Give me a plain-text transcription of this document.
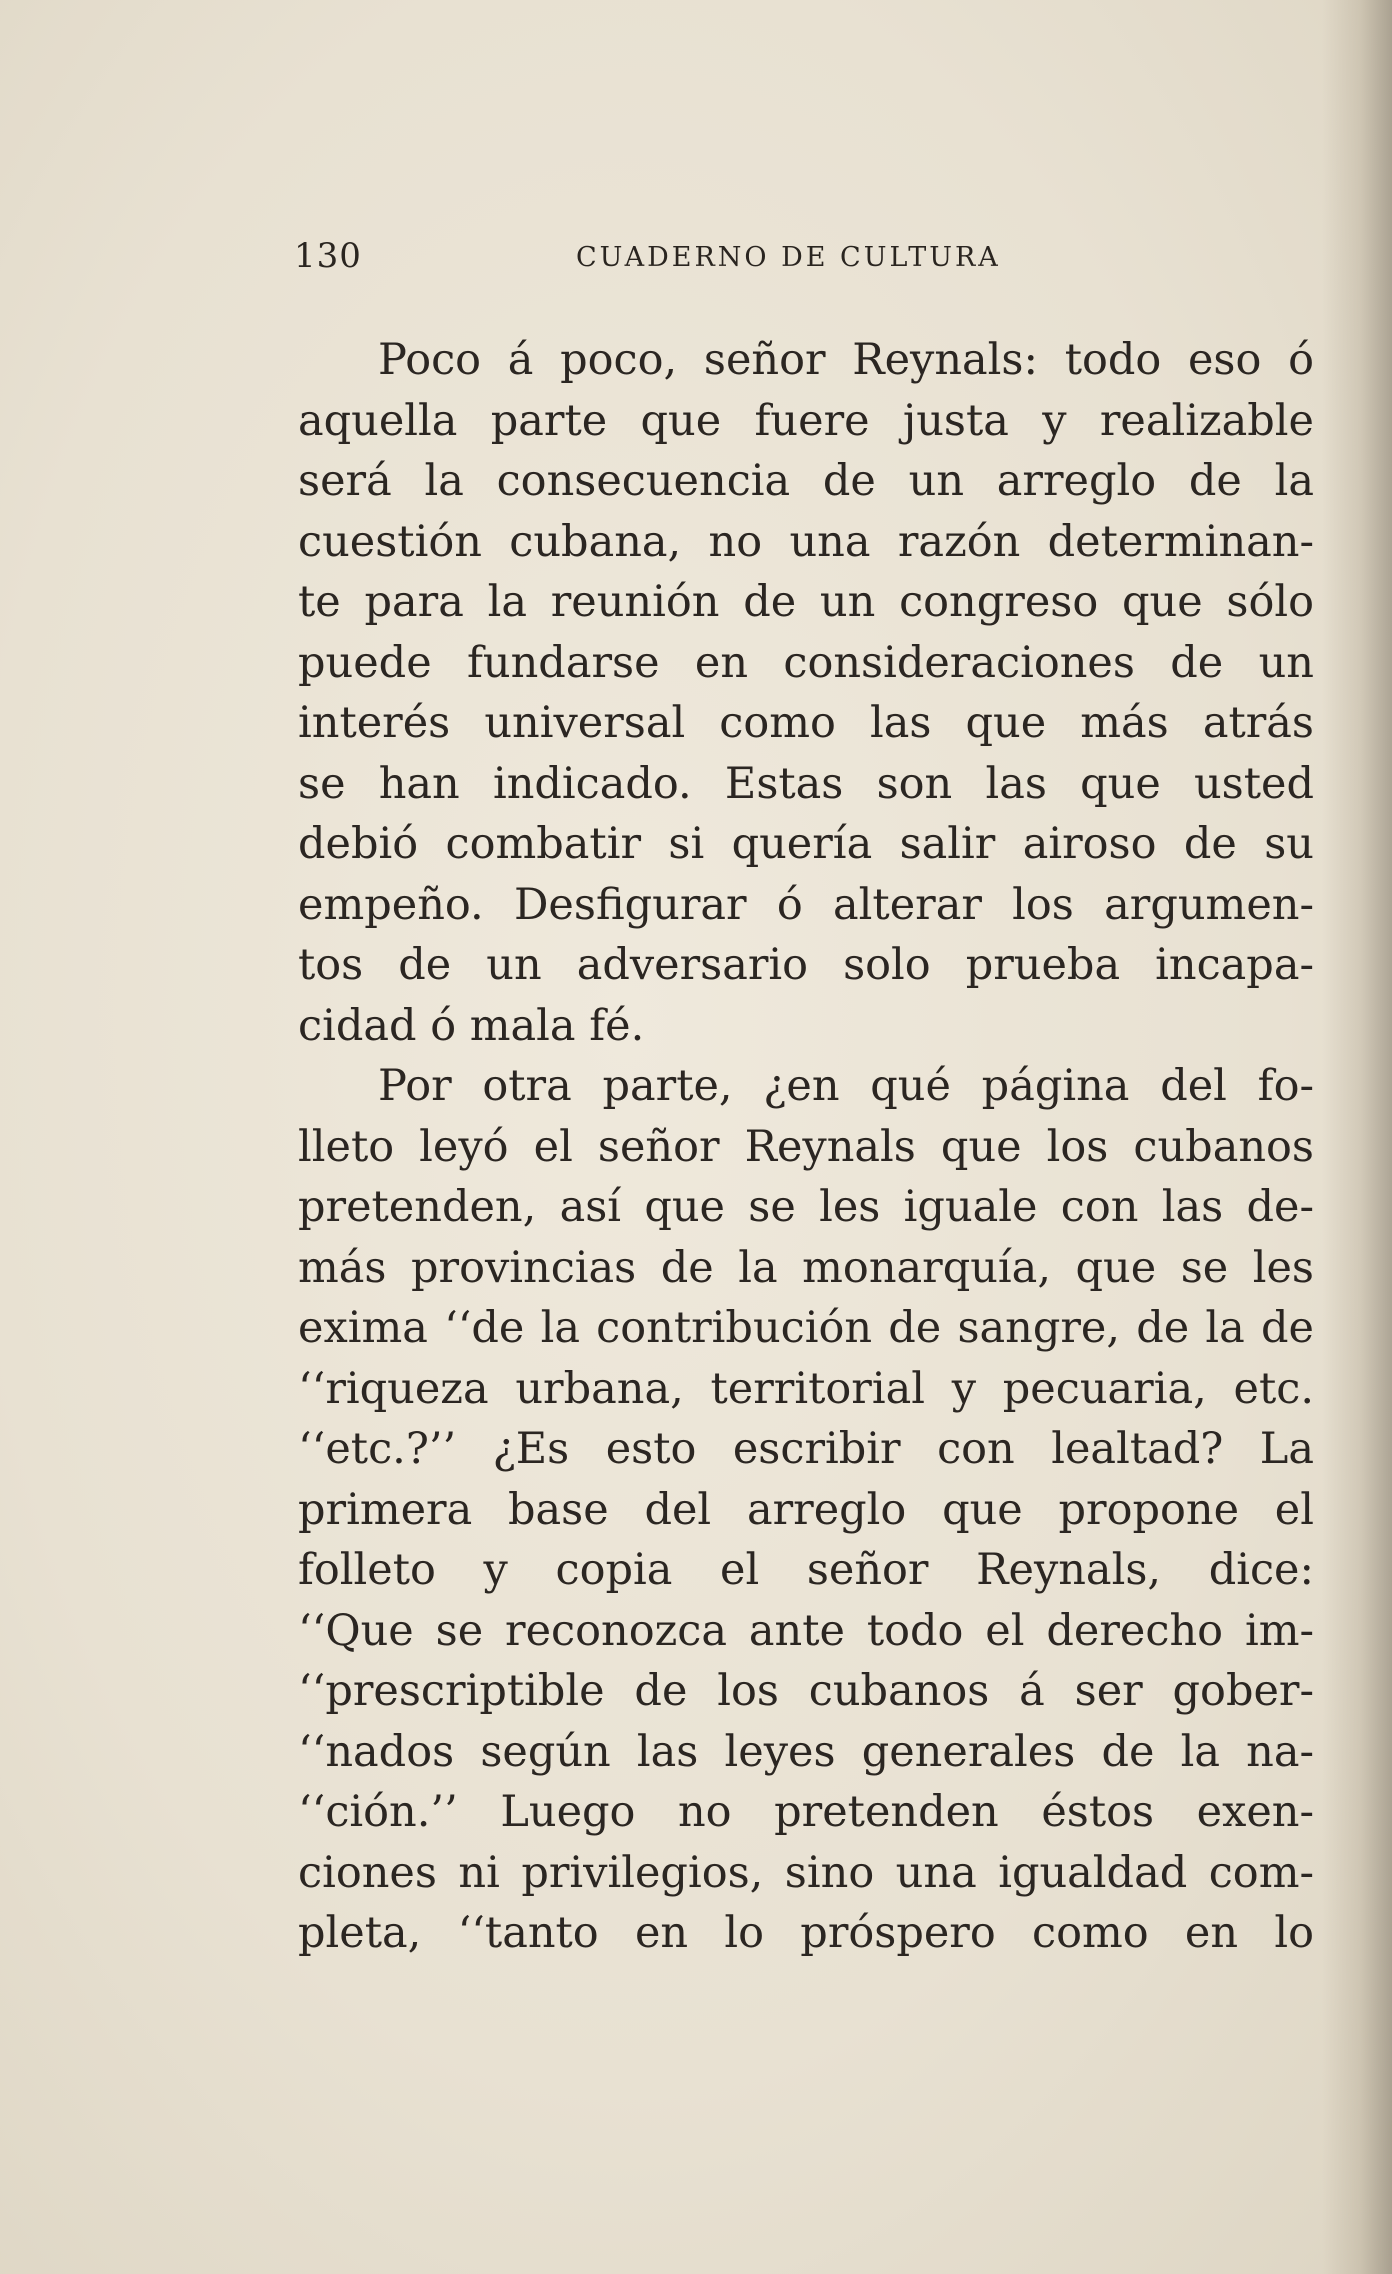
130	CUADERNO DE CULTURA
Poco á poco, señor Reynals: todo eso ó
aquella parte que fuere justa y realizable
será la consecuencia de un arreglo de la
cuestión cubana, no una razón determinan-
te para la reunión de un congreso que sólo
puede fundarse en consideraciones de un
interés universal como las que más atrás
se han indicado. Estas son las que usted
debió combatir si quería salir airoso de su
empeño. Desfigurar ó alterar los argumen-
tos de un adversario solo prueba incapa-
cidad ó mala fé.
Por otra parte, ¿en qué página del fo-
lleto leyó el señor Reynals que los cubanos
pretenden, así que se les iguale con las de-
más provincias de la monarquía, que se les
exima ‘‘de la contribución de sangre, de la de
‘‘riqueza urbana, territorial y pecuaria, etc.
‘‘etc.?’’ ¿Es esto escribir con lealtad? La
primera base del arreglo que propone el
folleto y copia el señor Reynals, dice:
‘‘Que se reconozca ante todo el derecho im-
‘‘prescriptible de los cubanos á ser gober-
‘‘nados según las leyes generales de la na-
‘‘ción.’’ Luego no pretenden éstos exen-
ciones ni privilegios, sino una igualdad com-
pleta, ‘‘tanto en lo próspero como en lo
